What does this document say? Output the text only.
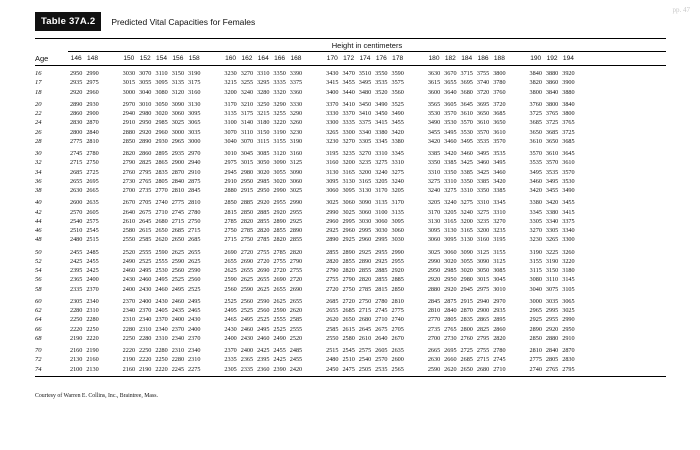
pp. 47
Table 37A.2	Predicted Vital Capacities for Females
Height in centimeters
Age	146 148	150 152 154 156 158	160 162 164 166 168	170 172 174 176 178	180 182 184 186 188	190 192 194
16	2950 2990	3030 3070 3110 3150 3190	3230 3270 3310 3350 3390	3430 3470 3510 3550 3590	3630 3670 3715 3755 3800	3840 3880 3920
17	2935 2975	3015 3055 3095 3135 3175	3215 3255 3295 3335 3375	3415 3455 3495 3535 3575	3615 3655 3695 3740 3780	3820 3860 3900
18	2920 2960	3000 3040 3080 3120 3160	3200 3240 3280 3320 3360	3400 3440 3480 3520 3560	3600 3640 3680 3720 3760	3800 3840 3880
20	2890 2930	2970 3010 3050 3090 3130	3170 3210 3250 3290 3330	3370 3410 3450 3490 3525	3565 3605 3645 3695 3720	3760 3800 3840
22	2860 2900	2940 2980 3020 3060 3095	3135 3175 3215 3255 3290	3330 3370 3410 3450 3490	3530 3570 3610 3650 3685	3725 3765 3800
24	2830 2870	2910 2950 2985 3025 3065	3100 3140 3180 3220 3260	3300 3335 3375 3415 3455	3490 3530 3570 3610 3650	3685 3725 3765
26	2800 2840	2880 2920 2960 3000 3035	3070 3110 3150 3190 3230	3265 3300 3340 3380 3420	3455 3495 3530 3570 3610	3650 3685 3725
28	2775 2810	2850 2890 2930 2965 3000	3040 3070 3115 3155 3190	3230 3270 3305 3345 3380	3420 3460 3495 3535 3570	3610 3650 3685
30	2745 2780	2820 2860 2895 2935 2970	3010 3045 3085 3120 3160	3195 3235 3270 3310 3345	3385 3420 3460 3495 3535	3570 3610 3645
32	2715 2750	2790 2825 2865 2900 2940	2975 3015 3050 3090 3125	3160 3200 3235 3275 3310	3350 3385 3425 3460 3495	3535 3570 3610
34	2685 2725	2760 2795 2835 2870 2910	2945 2980 3020 3055 3090	3130 3165 3200 3240 3275	3310 3350 3385 3425 3460	3495 3535 3570
36	2655 2695	2730 2765 2805 2840 2875	2910 2950 2985 3020 3060	3095 3130 3165 3205 3240	3275 3310 3350 3385 3420	3460 3495 3530
38	2630 2665	2700 2735 2770 2810 2845	2880 2915 2950 2990 3025	3060 3095 3130 3170 3205	3240 3275 3310 3350 3385	3420 3455 3490
40	2600 2635	2670 2705 2740 2775 2810	2850 2885 2920 2955 2990	3025 3060 3090 3135 3170	3205 3240 3275 3310 3345	3380 3420 3455
42	2570 2605	2640 2675 2710 2745 2780	2815 2850 2885 2920 2955	2990 3025 3060 3100 3135	3170 3205 3240 3275 3310	3345 3380 3415
44	2540 2575	2610 2645 2680 2715 2750	2785 2820 2855 2890 2925	2960 2995 3030 3060 3095	3130 3165 3200 3235 3270	3305 3340 3375
46	2510 2545	2580 2615 2650 2685 2715	2750 2785 2820 2855 2890	2925 2960 2995 3030 3060	3095 3130 3165 3200 3235	3270 3305 3340
48	2480 2515	2550 2585 2620 2650 2685	2715 2750 2785 2820 2855	2890 2925 2960 2995 3030	3060 3095 3130 3160 3195	3230 3265 3300
50	2455 2485	2520 2555 2590 2625 2655	2690 2720 2755 2785 2820	2855 2890 2925 2955 2990	3025 3060 3090 3125 3155	3190 3225 3260
52	2425 2455	2490 2525 2555 2590 2625	2655 2690 2720 2755 2790	2820 2855 2890 2925 2955	2990 3020 3055 3090 3125	3155 3190 3220
54	2395 2425	2460 2495 2530 2560 2590	2625 2655 2690 2720 2755	2790 2820 2855 2885 2920	2950 2985 3020 3050 3085	3115 3150 3180
56	2365 2400	2430 2460 2495 2525 2560	2590 2625 2655 2690 2720	2755 2790 2820 2855 2885	2920 2950 2980 3015 3045	3080 3110 3145
58	2335 2370	2400 2430 2460 2495 2525	2560 2590 2625 2655 2690	2720 2750 2785 2815 2850	2880 2920 2945 2975 3010	3040 3075 3105
60	2305 2340	2370 2400 2430 2460 2495	2525 2560 2590 2625 2655	2685 2720 2750 2780 2810	2845 2875 2915 2940 2970	3000 3035 3065
62	2280 2310	2340 2370 2405 2435 2465	2495 2525 2560 2590 2620	2655 2685 2715 2745 2775	2810 2840 2870 2900 2935	2965 2995 3025
64	2250 2280	2310 2340 2370 2400 2430	2465 2495 2525 2555 2585	2620 2650 2680 2710 2740	2770 2805 2835 2865 2895	2925 2955 2990
66	2220 2250	2280 2310 2340 2370 2400	2430 2460 2495 2525 2555	2585 2615 2645 2675 2705	2735 2765 2800 2825 2860	2890 2920 2950
68	2190 2220	2250 2280 2310 2340 2370	2400 2430 2460 2490 2520	2550 2580 2610 2640 2670	2700 2730 2760 2795 2820	2850 2880 2910
70	2160 2190	2220 2250 2280 2310 2340	2370 2400 2425 2455 2485	2515 2545 2575 2605 2635	2665 2695 2725 2755 2780	2810 2840 2870
72	2130 2160	2190 2220 2250 2280 2310	2335 2365 2395 2425 2455	2480 2510 2540 2570 2600	2630 2660 2685 2715 2745	2775 2805 2830
74	2100 2130	2160 2190 2220 2245 2275	2305 2335 2360 2390 2420	2450 2475 2505 2535 2565	2590 2620 2650 2680 2710	2740 2765 2795
Courtesy of Warren E. Collins, Inc., Braintree, Mass.
